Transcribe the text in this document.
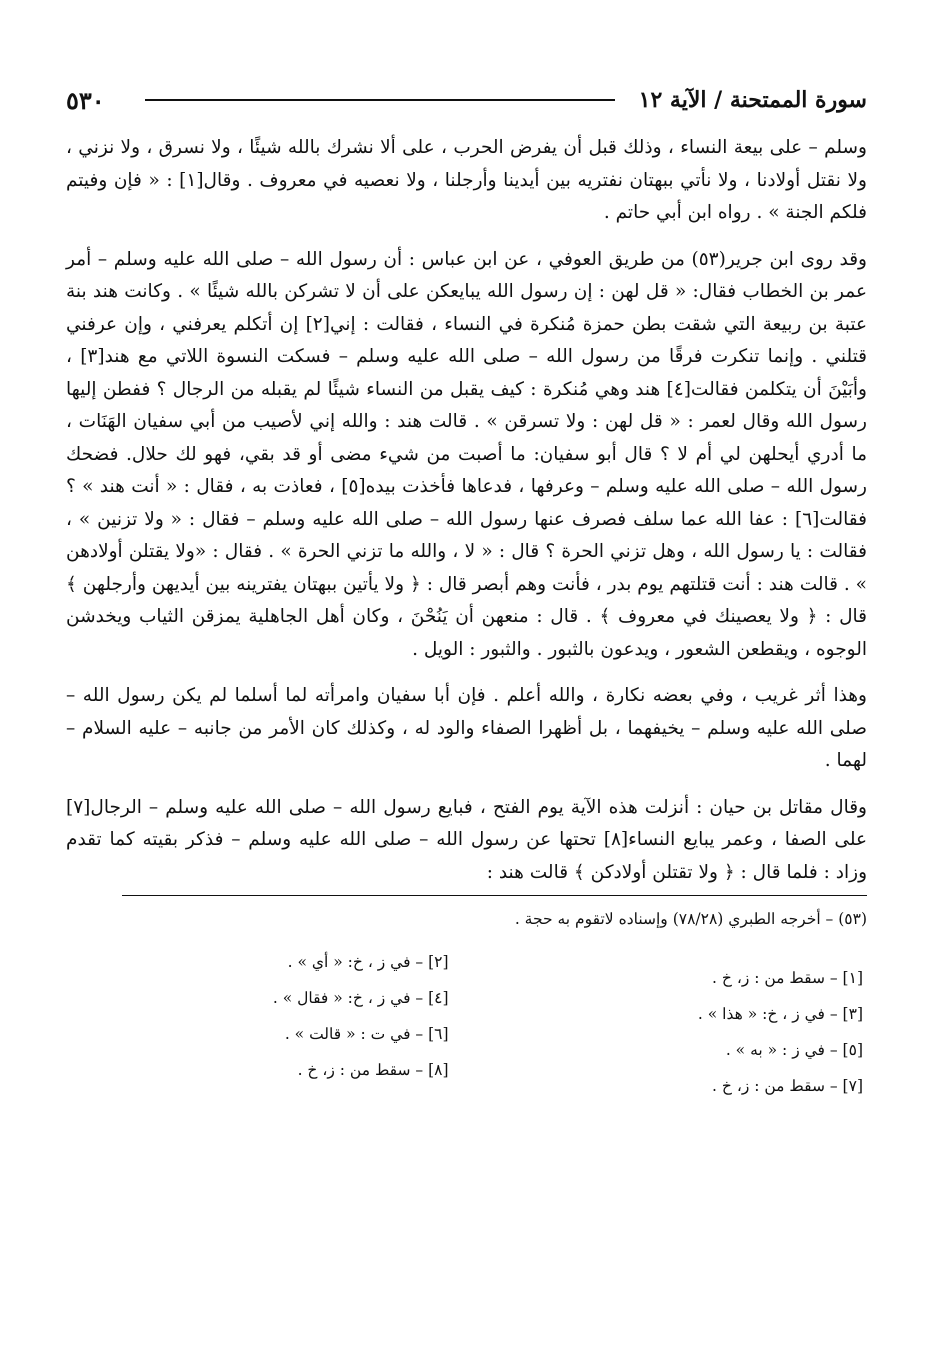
سورة الممتحنة / الآية ١٢
٥٣٠

وسلم – على بيعة النساء ، وذلك قبل أن يفرض الحرب ، على ألا نشرك بالله شيئًا ، ولا نسرق ، ولا نزني ، ولا نقتل أولادنا ، ولا نأتي ببهتان نفتريه بين أيدينا وأرجلنا ، ولا نعصيه في معروف . وقال[١] : « فإن وفيتم فلكم الجنة » . رواه ابن أبي حاتم .

وقد روى ابن جرير(٥٣) من طريق العوفي ، عن ابن عباس : أن رسول الله – صلى الله عليه وسلم – أمر عمر بن الخطاب فقال: « قل لهن : إن رسول الله يبايعكن على أن لا تشركن بالله شيئًا » . وكانت هند بنة عتبة بن ربيعة التي شقت بطن حمزة مُنكرة في النساء ، فقالت : إني[٢] إن أتكلم يعرفني ، وإن عرفني قتلني . وإنما تنكرت فرقًا من رسول الله – صلى الله عليه وسلم – فسكت النسوة اللاتي مع هند[٣] ، وأبَيْنَ أن يتكلمن فقالت[٤] هند وهي مُنكرة : كيف يقبل من النساء شيئًا لم يقبله من الرجال ؟ ففطن إليها رسول الله وقال لعمر : « قل لهن : ولا تسرقن » . قالت هند : والله إني لأصيب من أبي سفيان الهَنَات ، ما أدري أيحلهن لي أم لا ؟ قال أبو سفيان: ما أصبت من شيء مضى أو قد بقي، فهو لك حلال. فضحك رسول الله – صلى الله عليه وسلم – وعرفها ، فدعاها فأخذت بيده[٥] ، فعاذت به ، فقال : « أنت هند » ؟ فقالت[٦] : عفا الله عما سلف فصرف عنها رسول الله – صلى الله عليه وسلم – فقال : « ولا تزنين » ، فقالت : يا رسول الله ، وهل تزني الحرة ؟ قال : « لا ، والله ما تزني الحرة » . فقال : «ولا يقتلن أولادهن » . قالت هند : أنت قتلتهم يوم بدر ، فأنت وهم أبصر قال : ﴿ ولا يأتين ببهتان يفترينه بين أيديهن وأرجلهن ﴾ قال : ﴿ ولا يعصينك في معروف ﴾ . قال : منعهن أن يَنُحْنَ ، وكان أهل الجاهلية يمزقن الثياب ويخدشن الوجوه ، ويقطعن الشعور ، ويدعون بالثبور . والثبور : الويل .

وهذا أثر غريب ، وفي بعضه نكارة ، والله أعلم . فإن أبا سفيان وامرأته لما أسلما لم يكن رسول الله – صلى الله عليه وسلم – يخيفهما ، بل أظهرا الصفاء والود له ، وكذلك كان الأمر من جانبه – عليه السلام – لهما .

وقال مقاتل بن حيان : أنزلت هذه الآية يوم الفتح ، فبايع رسول الله – صلى الله عليه وسلم – الرجال[٧] على الصفا ، وعمر يبايع النساء[٨] تحتها عن رسول الله – صلى الله عليه وسلم – فذكر بقيته كما تقدم وزاد : فلما قال : ﴿ ولا تقتلن أولادكن ﴾ قالت هند :

(٥٣) – أخرجه الطبري (٧٨/٢٨) وإسناده لاتقوم به حجة .
[١] – سقط من : ز، خ .
[٣] – في ز ، خ: « هذا » .
[٥] – في ز : « به » .
[٧] – سقط من : ز، خ .
[٢] – في ز ، خ: « أي » .
[٤] – في ز ، خ: « فقال » .
[٦] – في ت : « قالت » .
[٨] – سقط من : ز، خ .
